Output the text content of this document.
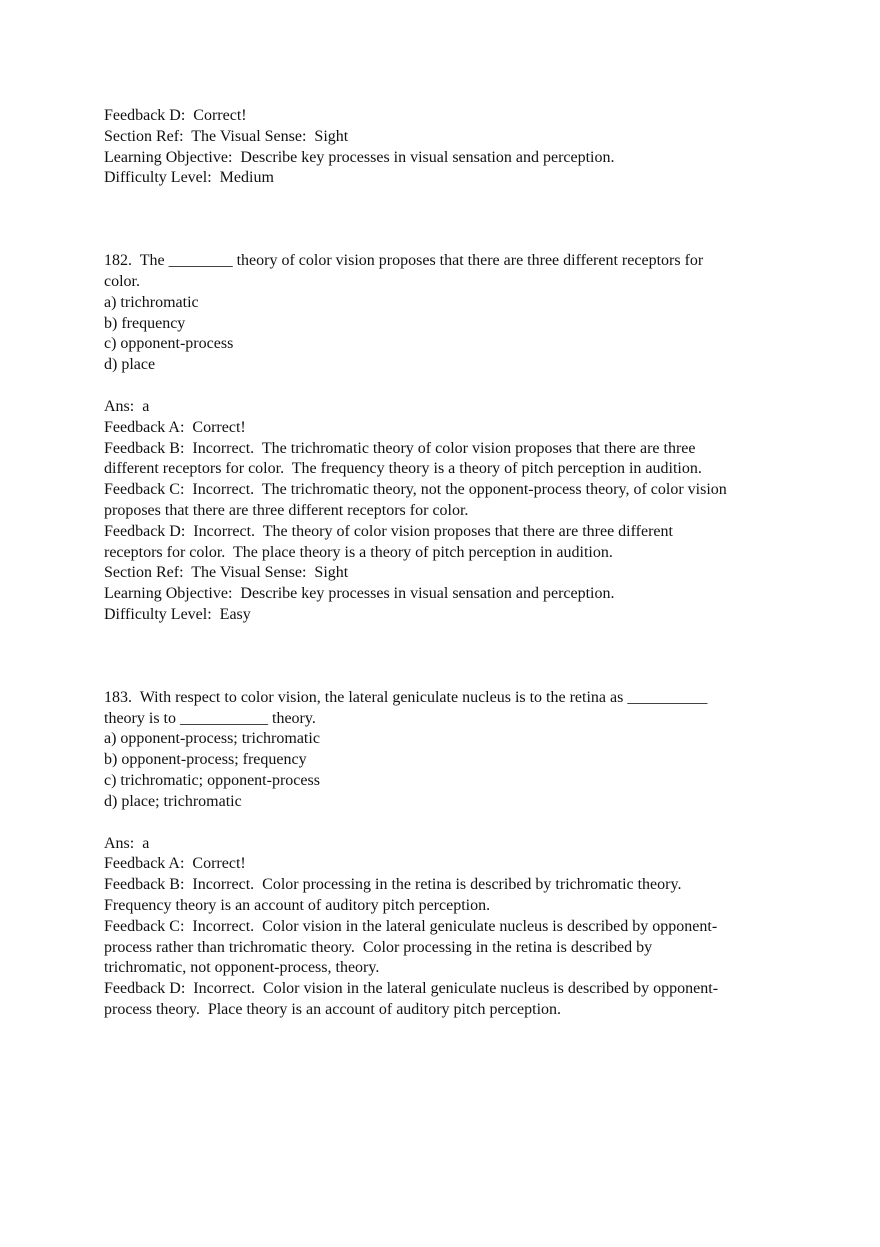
Feedback D:  Correct!
Section Ref:  The Visual Sense:  Sight
Learning Objective:  Describe key processes in visual sensation and perception.
Difficulty Level:  Medium
182.  The ________ theory of color vision proposes that there are three different receptors for
color.
a) trichromatic
b) frequency
c) opponent-process
d) place
Ans:  a
Feedback A:  Correct!
Feedback B:  Incorrect.  The trichromatic theory of color vision proposes that there are three
different receptors for color.  The frequency theory is a theory of pitch perception in audition.
Feedback C:  Incorrect.  The trichromatic theory, not the opponent-process theory, of color vision
proposes that there are three different receptors for color.
Feedback D:  Incorrect.  The theory of color vision proposes that there are three different
receptors for color.  The place theory is a theory of pitch perception in audition.
Section Ref:  The Visual Sense:  Sight
Learning Objective:  Describe key processes in visual sensation and perception.
Difficulty Level:  Easy
183.  With respect to color vision, the lateral geniculate nucleus is to the retina as __________
theory is to ___________ theory.
a) opponent-process; trichromatic
b) opponent-process; frequency
c) trichromatic; opponent-process
d) place; trichromatic
Ans:  a
Feedback A:  Correct!
Feedback B:  Incorrect.  Color processing in the retina is described by trichromatic theory.
Frequency theory is an account of auditory pitch perception.
Feedback C:  Incorrect.  Color vision in the lateral geniculate nucleus is described by opponent-
process rather than trichromatic theory.  Color processing in the retina is described by
trichromatic, not opponent-process, theory.
Feedback D:  Incorrect.  Color vision in the lateral geniculate nucleus is described by opponent-
process theory.  Place theory is an account of auditory pitch perception.
